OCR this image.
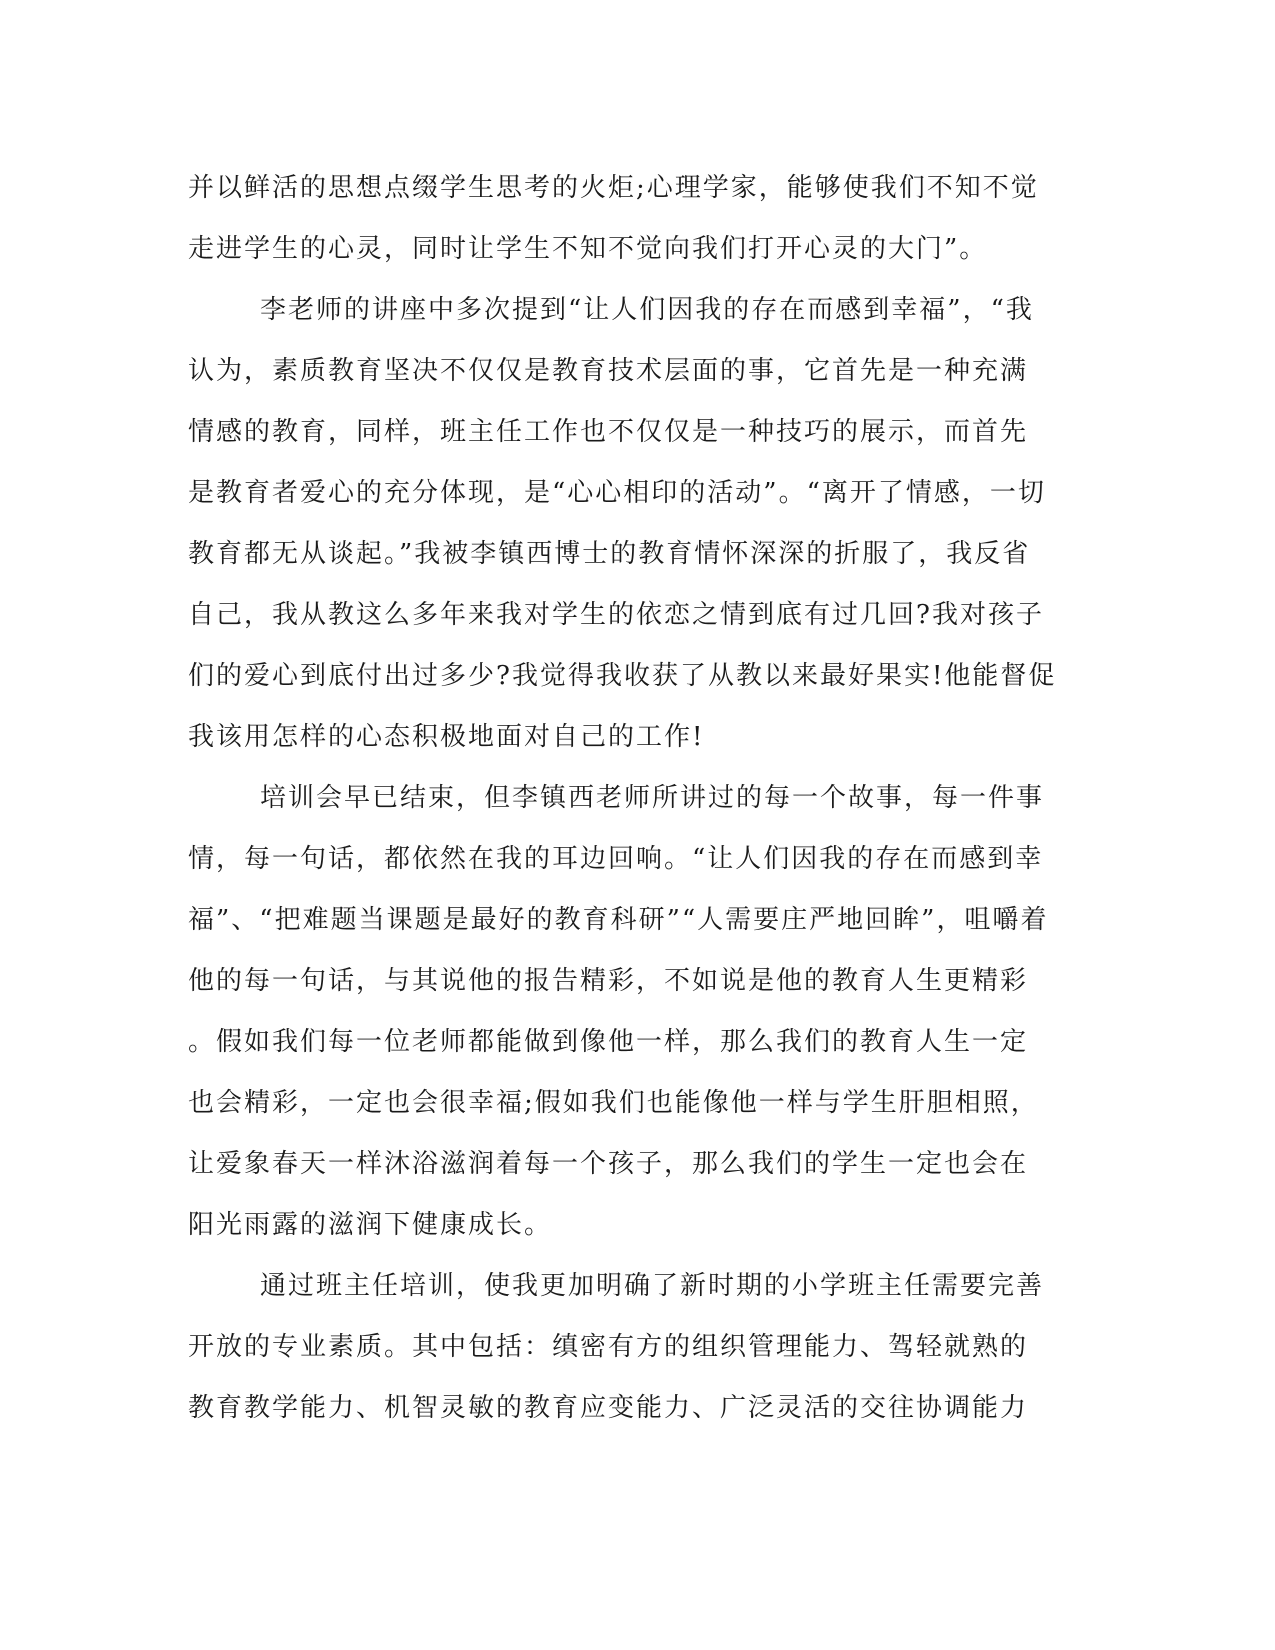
并以鲜活的思想点缀学生思考的火炬;心理学家，能够使我们不知不觉
走进学生的心灵，同时让学生不知不觉向我们打开心灵的大门”。
李老师的讲座中多次提到“让人们因我的存在而感到幸福”，“我
认为，素质教育坚决不仅仅是教育技术层面的事，它首先是一种充满
情感的教育，同样，班主任工作也不仅仅是一种技巧的展示，而首先
是教育者爱心的充分体现，是“心心相印的活动”。“离开了情感，一切
教育都无从谈起。”我被李镇西博士的教育情怀深深的折服了，我反省
自己，我从教这么多年来我对学生的依恋之情到底有过几回?我对孩子
们的爱心到底付出过多少?我觉得我收获了从教以来最好果实!他能督促
我该用怎样的心态积极地面对自己的工作!
培训会早已结束，但李镇西老师所讲过的每一个故事，每一件事
情，每一句话，都依然在我的耳边回响。“让人们因我的存在而感到幸
福”、“把难题当课题是最好的教育科研”“人需要庄严地回眸”，咀嚼着
他的每一句话，与其说他的报告精彩，不如说是他的教育人生更精彩
。假如我们每一位老师都能做到像他一样，那么我们的教育人生一定
也会精彩，一定也会很幸福;假如我们也能像他一样与学生肝胆相照，
让爱象春天一样沐浴滋润着每一个孩子，那么我们的学生一定也会在
阳光雨露的滋润下健康成长。
通过班主任培训，使我更加明确了新时期的小学班主任需要完善
开放的专业素质。其中包括：缜密有方的组织管理能力、驾轻就熟的
教育教学能力、机智灵敏的教育应变能力、广泛灵活的交往协调能力
